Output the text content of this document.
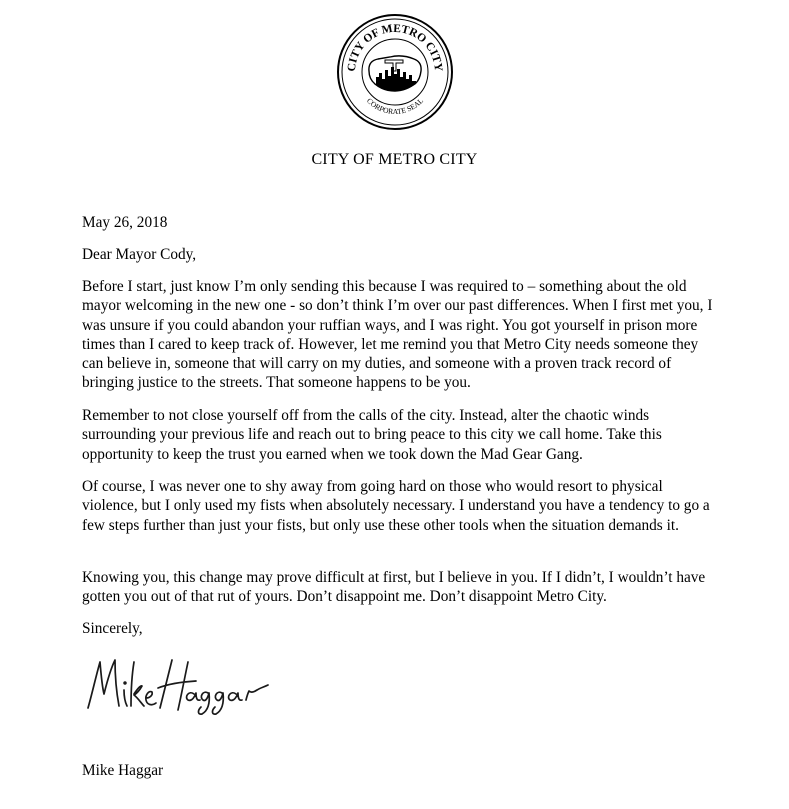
CITY OF METRO CITY
CORPORATE SEAL
CITY OF METRO CITY

May 26, 2018

Dear Mayor Cody,

Before I start, just know I’m only sending this because I was required to – something about the old mayor welcoming in the new one - so don’t think I’m over our past differences. When I first met you, I was unsure if you could abandon your ruffian ways, and I was right. You got yourself in prison more times than I cared to keep track of. However, let me remind you that Metro City needs someone they can believe in, someone that will carry on my duties, and someone with a proven track record of bringing justice to the streets. That someone happens to be you.

Remember to not close yourself off from the calls of the city. Instead, alter the chaotic winds surrounding your previous life and reach out to bring peace to this city we call home. Take this opportunity to keep the trust you earned when we took down the Mad Gear Gang.

Of course, I was never one to shy away from going hard on those who would resort to physical violence, but I only used my fists when absolutely necessary. I understand you have a tendency to go a few steps further than just your fists, but only use these other tools when the situation demands it.

Knowing you, this change may prove difficult at first, but I believe in you. If I didn’t, I wouldn’t have gotten you out of that rut of yours. Don’t disappoint me. Don’t disappoint Metro City.

Sincerely,

Mike Haggar
